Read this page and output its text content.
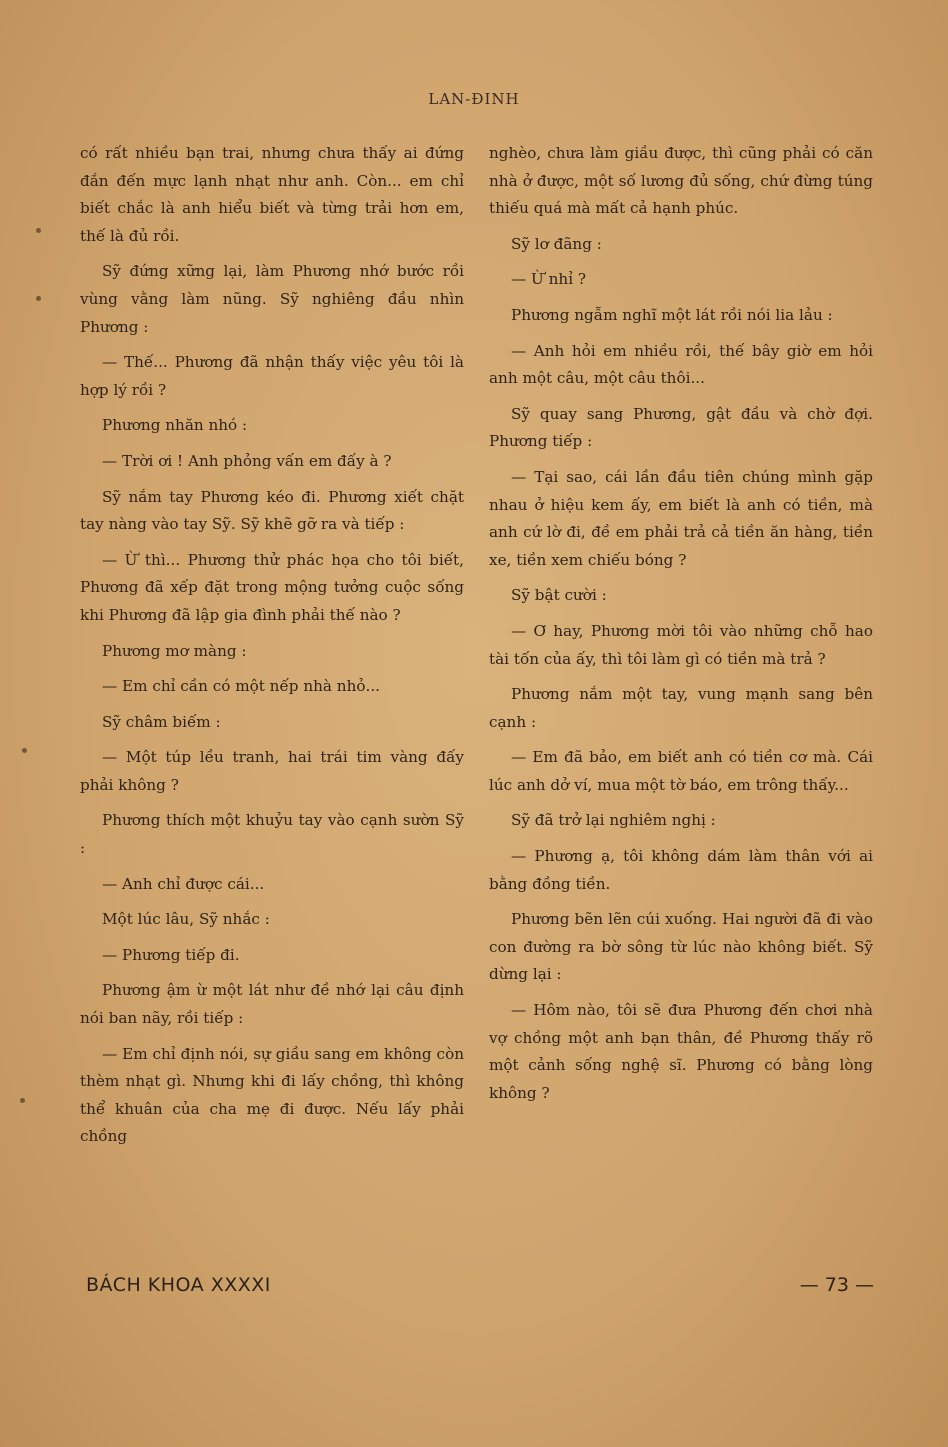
LAN-ĐINH

có rất nhiều bạn trai, nhưng chưa thấy ai đứng đắn đến mực lạnh nhạt như anh. Còn... em chỉ biết chắc là anh hiểu biết và từng trải hơn em, thế là đủ rồi.

Sỹ đứng xững lại, làm Phương nhớ bước rồi vùng vằng làm nũng. Sỹ nghiêng đầu nhìn Phương :

— Thế... Phương đã nhận thấy việc yêu tôi là hợp lý rồi ?

Phương nhăn nhó :

— Trời ơi ! Anh phỏng vấn em đấy à ?

Sỹ nắm tay Phương kéo đi. Phương xiết chặt tay nàng vào tay Sỹ. Sỹ khẽ gỡ ra và tiếp :

— Ừ thì... Phương thử phác họa cho tôi biết, Phương đã xếp đặt trong mộng tưởng cuộc sống khi Phương đã lập gia đình phải thế nào ?

Phương mơ màng :

— Em chỉ cần có một nếp nhà nhỏ...

Sỹ châm biếm :

— Một túp lều tranh, hai trái tim vàng đấy phải không ?

Phương thích một khuỷu tay vào cạnh sườn Sỹ :

— Anh chỉ được cái...

Một lúc lâu, Sỹ nhắc :

— Phương tiếp đi.

Phương ậm ừ một lát như đề nhớ lại câu định nói ban nãy, rồi tiếp :

— Em chỉ định nói, sự giầu sang em không còn thèm nhạt gì. Nhưng khi đi lấy chồng, thì không thể khuân của cha mẹ đi được. Nếu lấy phải chồng

nghèo, chưa làm giầu được, thì cũng phải có căn nhà ở được, một số lương đủ sống, chứ đừng túng thiếu quá mà mất cả hạnh phúc.

Sỹ lơ đãng :

— Ừ nhỉ ?

Phương ngẫm nghĩ một lát rồi nói lia lảu :

— Anh hỏi em nhiều rồi, thế bây giờ em hỏi anh một câu, một câu thôi...

Sỹ quay sang Phương, gật đầu và chờ đợi. Phương tiếp :

— Tại sao, cái lần đầu tiên chúng mình gặp nhau ở hiệu kem ấy, em biết là anh có tiền, mà anh cứ lờ đi, đề em phải trả cả tiền ăn hàng, tiền xe, tiền xem chiếu bóng ?

Sỹ bật cười :

— Ơ hay, Phương mời tôi vào những chỗ hao tài tốn của ấy, thì tôi làm gì có tiền mà trả ?

Phương nắm một tay, vung mạnh sang bên cạnh :

— Em đã bảo, em biết anh có tiền cơ mà. Cái lúc anh dở ví, mua một tờ báo, em trông thấy...

Sỹ đã trở lại nghiêm nghị :

— Phương ạ, tôi không dám làm thân với ai bằng đồng tiền.

Phương bẽn lẽn cúi xuống. Hai người đã đi vào con đường ra bờ sông từ lúc nào không biết. Sỹ dừng lại :

— Hôm nào, tôi sẽ đưa Phương đến chơi nhà vợ chồng một anh bạn thân, đề Phương thấy rõ một cảnh sống nghệ sĩ. Phương có bằng lòng không ?

BÁCH KHOA XXXXI	— 73 —
